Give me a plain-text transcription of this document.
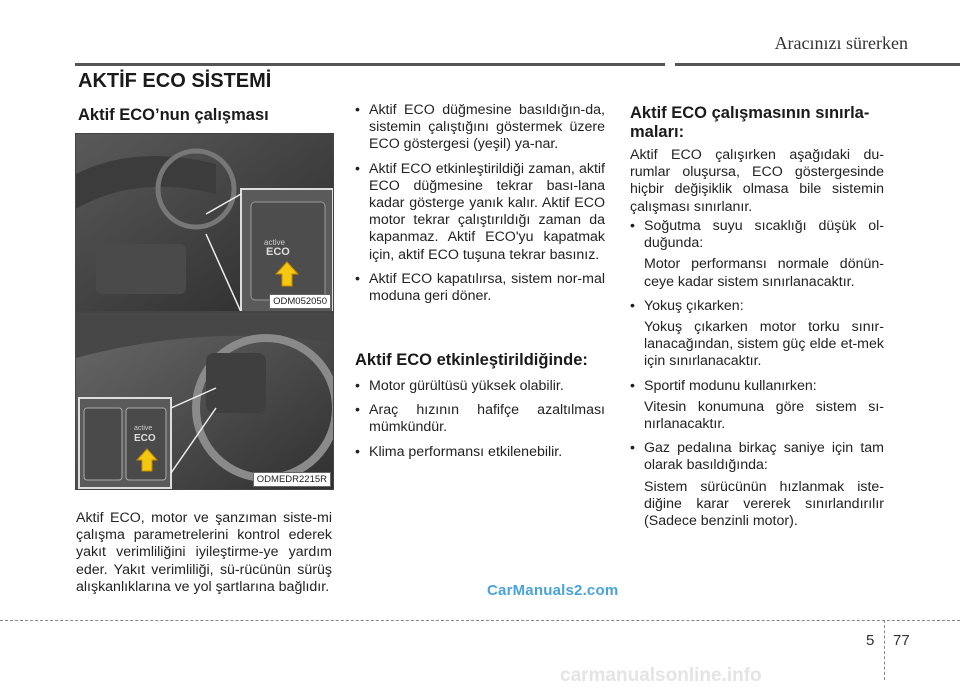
Aracınızı sürerken
AKTİF ECO SİSTEMİ
Aktif ECO’nun çalışması
active
ECO
ODM052050
active
ECO
ODMEDR2215R
Aktif ECO, motor ve şanzıman siste-mi çalışma parametrelerini kontrol ederek yakıt verimliliğini iyileştirme-ye yardım eder. Yakıt verimliliği, sü-rücünün sürüş alışkanlıklarına ve yol şartlarına bağlıdır.
• Aktif ECO düğmesine basıldığın-da, sistemin çalıştığını göstermek üzere ECO göstergesi (yeşil) ya-nar.
• Aktif ECO etkinleştirildiği zaman, aktif ECO düğmesine tekrar bası-lana kadar gösterge yanık kalır. Aktif ECO motor tekrar çalıştırıldığı zaman da kapanmaz. Aktif ECO'yu kapatmak için, aktif ECO tuşuna tekrar basınız.
• Aktif ECO kapatılırsa, sistem nor-mal moduna geri döner.
Aktif ECO etkinleştirildiğinde:
• Motor gürültüsü yüksek olabilir.
• Araç hızının hafifçe azaltılması mümkündür.
• Klima performansı etkilenebilir.
Aktif ECO çalışmasının sınırla-
maları:
Aktif ECO çalışırken aşağıdaki du-rumlar oluşursa, ECO göstergesinde hiçbir değişiklik olmasa bile sistemin çalışması sınırlanır.
• Soğutma suyu sıcaklığı düşük ol-duğunda:
Motor performansı normale dönün-ceye kadar sistem sınırlanacaktır.
• Yokuş çıkarken:
Yokuş çıkarken motor torku sınır-lanacağından, sistem güç elde et-mek için sınırlanacaktır.
• Sportif modunu kullanırken:
Vitesin konumuna göre sistem sı-nırlanacaktır.
• Gaz pedalına birkaç saniye için tam olarak basıldığında:
Sistem sürücünün hızlanmak iste-diğine karar vererek sınırlandırılır (Sadece benzinli motor).
CarManuals2.com
5 77
carmanualsonline.info
